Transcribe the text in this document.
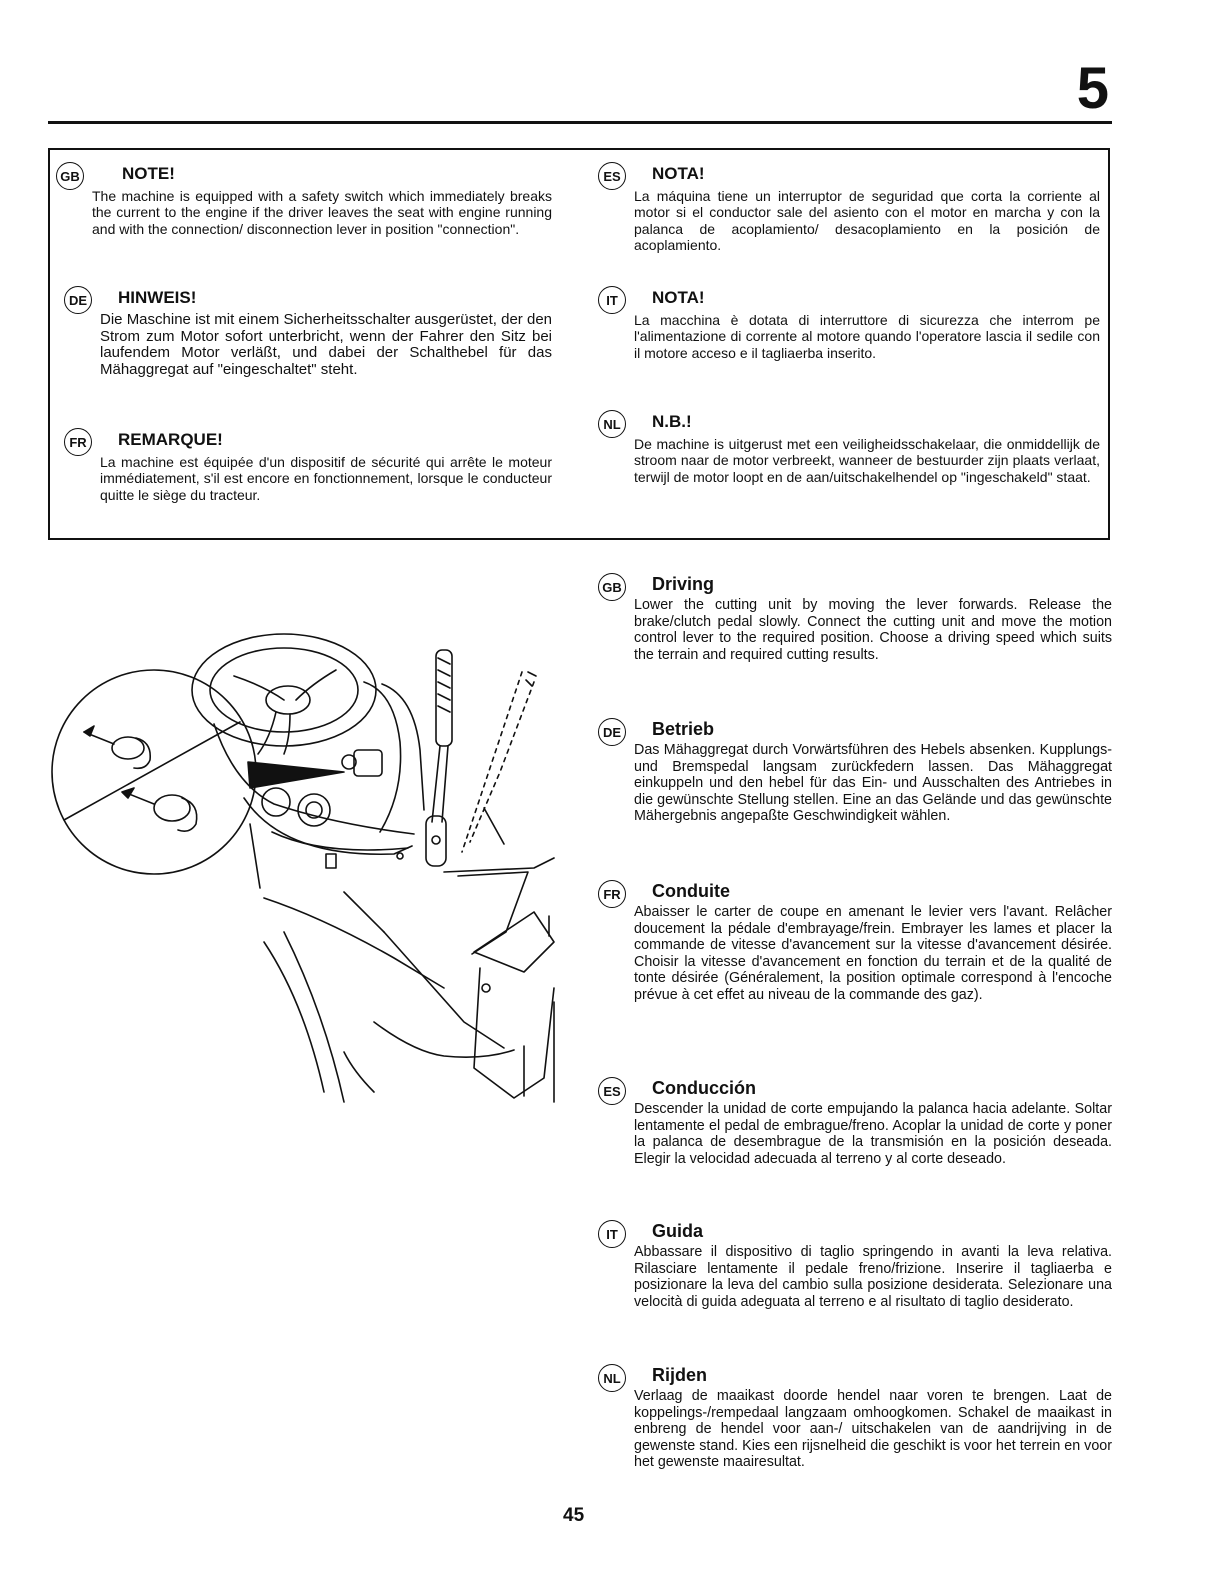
5
GB NOTE!
The machine is equipped with a safety switch which immediately breaks the current to the engine if the driver leaves the seat with engine running and with the connection/ disconnection lever in position "connection".
DE HINWEIS!
Die Maschine ist mit einem Sicherheitsschalter ausgerüstet, der den Strom zum Motor sofort unterbricht, wenn der Fahrer den Sitz bei laufendem Motor verläßt, und dabei der Schalthebel für das Mähaggregat auf "eingeschaltet" steht.
FR	REMARQUE!
La machine est équipée d'un dispositif de sécurité qui arrête le moteur immédiatement, s'il est encore en fonctionnement, lorsque le conducteur quitte le siège du tracteur.
ES	NOTA!
La máquina tiene un interruptor de seguridad que corta la corriente al motor si el conductor sale del asiento con el motor en marcha y con la palanca de acoplamiento/ desacoplamiento en la posición de acoplamiento.
IT	NOTA!
La macchina è dotata di interruttore di sicurezza che interrom pe l'alimentazione di corrente al motore quando l'operatore lascia il sedile con il motore acceso e il tagliaerba inserito.
NL	N.B.!
De machine is uitgerust met een veiligheidsschakelaar, die onmiddellijk de stroom naar de motor verbreekt, wanneer de bestuurder zijn plaats verlaat, terwijl de motor loopt en de aan/uitschakelhendel op "ingeschakeld" staat.
GB Driving
Lower the cutting unit by moving the lever forwards. Release the brake/clutch pedal slowly. Connect the cutting unit and move the motion control lever to the required position. Choose a driving speed which suits the terrain and required cutting results.
DE Betrieb
Das Mähaggregat durch Vorwärtsführen des Hebels absenken. Kupplungs- und Bremspedal langsam zurückfedern lassen. Das Mähaggregat einkuppeln und den hebel für das Ein- und Ausschalten des Antriebes in die gewünschte Stellung stellen. Eine an das Gelände und das gewünschte Mähergebnis angepaßte Geschwindigkeit wählen.
FR Conduite
Abaisser le carter de coupe en amenant le levier vers l'avant. Relâcher doucement la pédale d'embrayage/frein. Embrayer les lames et placer la commande de vitesse d'avancement sur la vitesse d'avancement désirée. Choisir la vitesse d'avancement en fonction du terrain et de la qualité de tonte désirée (Généralement, la position optimale correspond à l'encoche prévue à cet effet au niveau de la commande des gaz).
ES Conducción
Descender la unidad de corte empujando la palanca hacia adelante. Soltar lentamente el pedal de embrague/freno. Acoplar la unidad de corte y poner la palanca de desembrague de la transmisión en la posición deseada. Elegir la velocidad adecuada al terreno y al corte deseado.
IT	Guida
Abbassare il dispositivo di taglio springendo in avanti la leva relativa. Rilasciare lentamente il pedale freno/frizione. Inserire il tagliaerba e posizionare la leva del cambio sulla posizione desiderata. Selezionare una velocità di guida adeguata al terreno e al risultato di taglio desiderato.
NL Rijden
Verlaag de maaikast doorde hendel naar voren te brengen. Laat de koppelings-/rempedaal langzaam omhoogkomen. Schakel de maaikast in enbreng de hendel voor aan-/ uitschakelen van de aandrijving in de gewenste stand. Kies een rijsnelheid die geschikt is voor het terrein en voor het gewenste maairesultat.
45
